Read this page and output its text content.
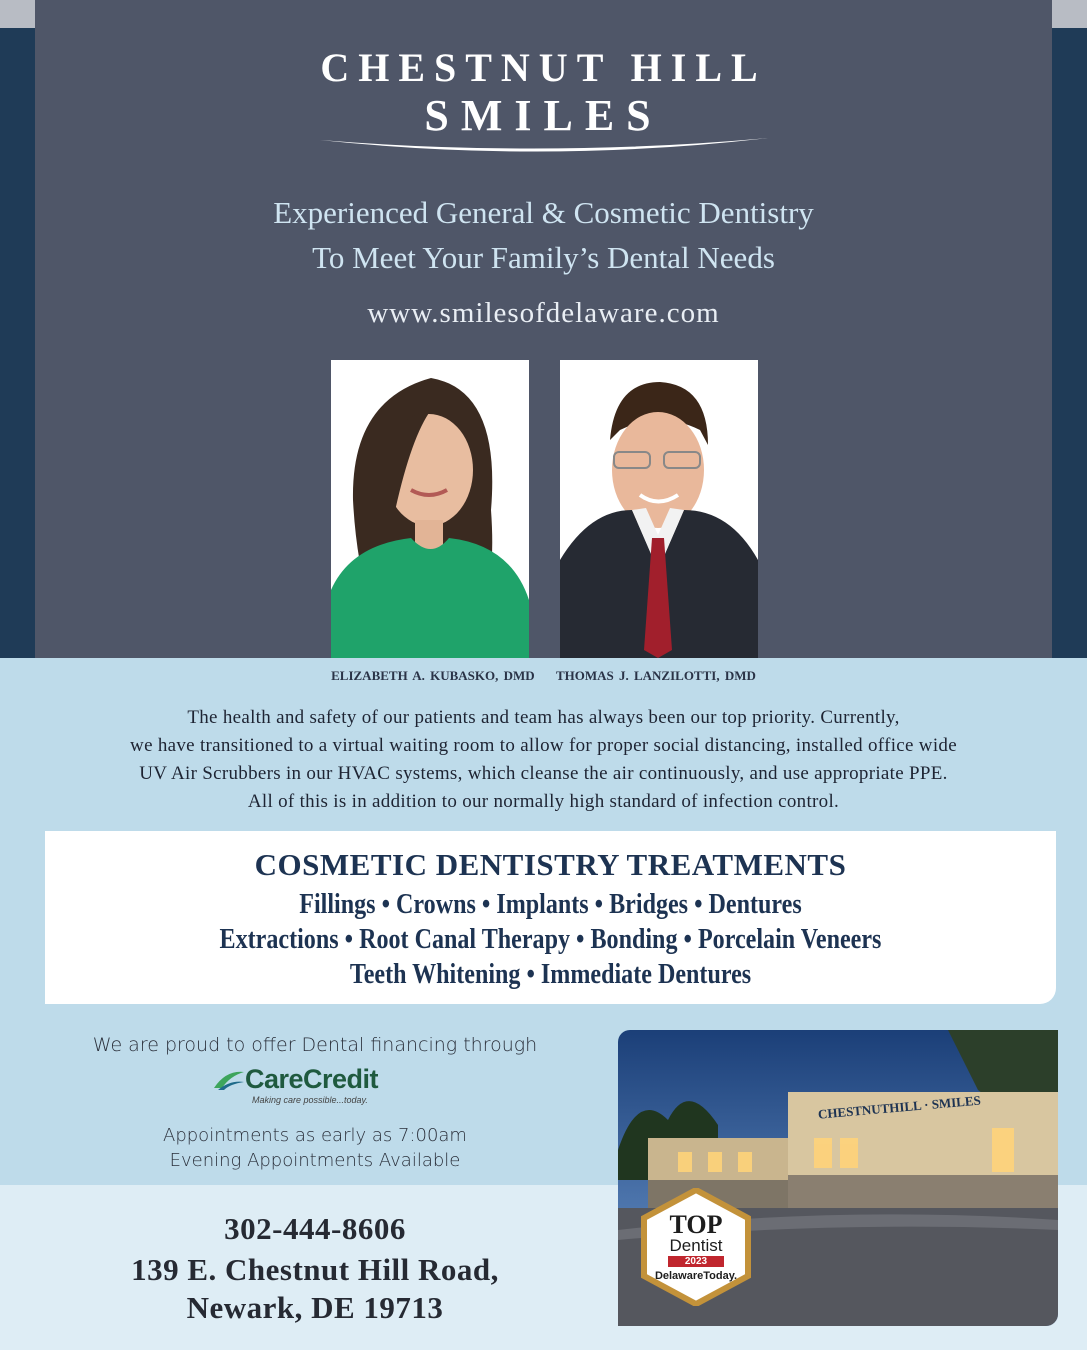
CHESTNUT HILL
SMILES
Experienced General & Cosmetic Dentistry
To Meet Your Family’s Dental Needs
www.smilesofdelaware.com
ELIZABETH A. KUBASKO, DMD THOMAS J. LANZILOTTI, DMD
The health and safety of our patients and team has always been our top priority. Currently,
we have transitioned to a virtual waiting room to allow for proper social distancing, installed office wide
UV Air Scrubbers in our HVAC systems, which cleanse the air continuously, and use appropriate PPE.
All of this is in addition to our normally high standard of infection control.
COSMETIC DENTISTRY TREATMENTS
Fillings • Crowns • Implants • Bridges • Dentures
Extractions • Root Canal Therapy • Bonding • Porcelain Veneers
Teeth Whitening • Immediate Dentures
We are proud to offer Dental financing through
CareCredit
Making care possible...today.
Appointments as early as 7:00am
Evening Appointments Available
302-444-8606
139 E. Chestnut Hill Road,
Newark, DE 19713
CHESTNUTHILL · SMILES
TOP
Dentist
2023
DelawareToday.
